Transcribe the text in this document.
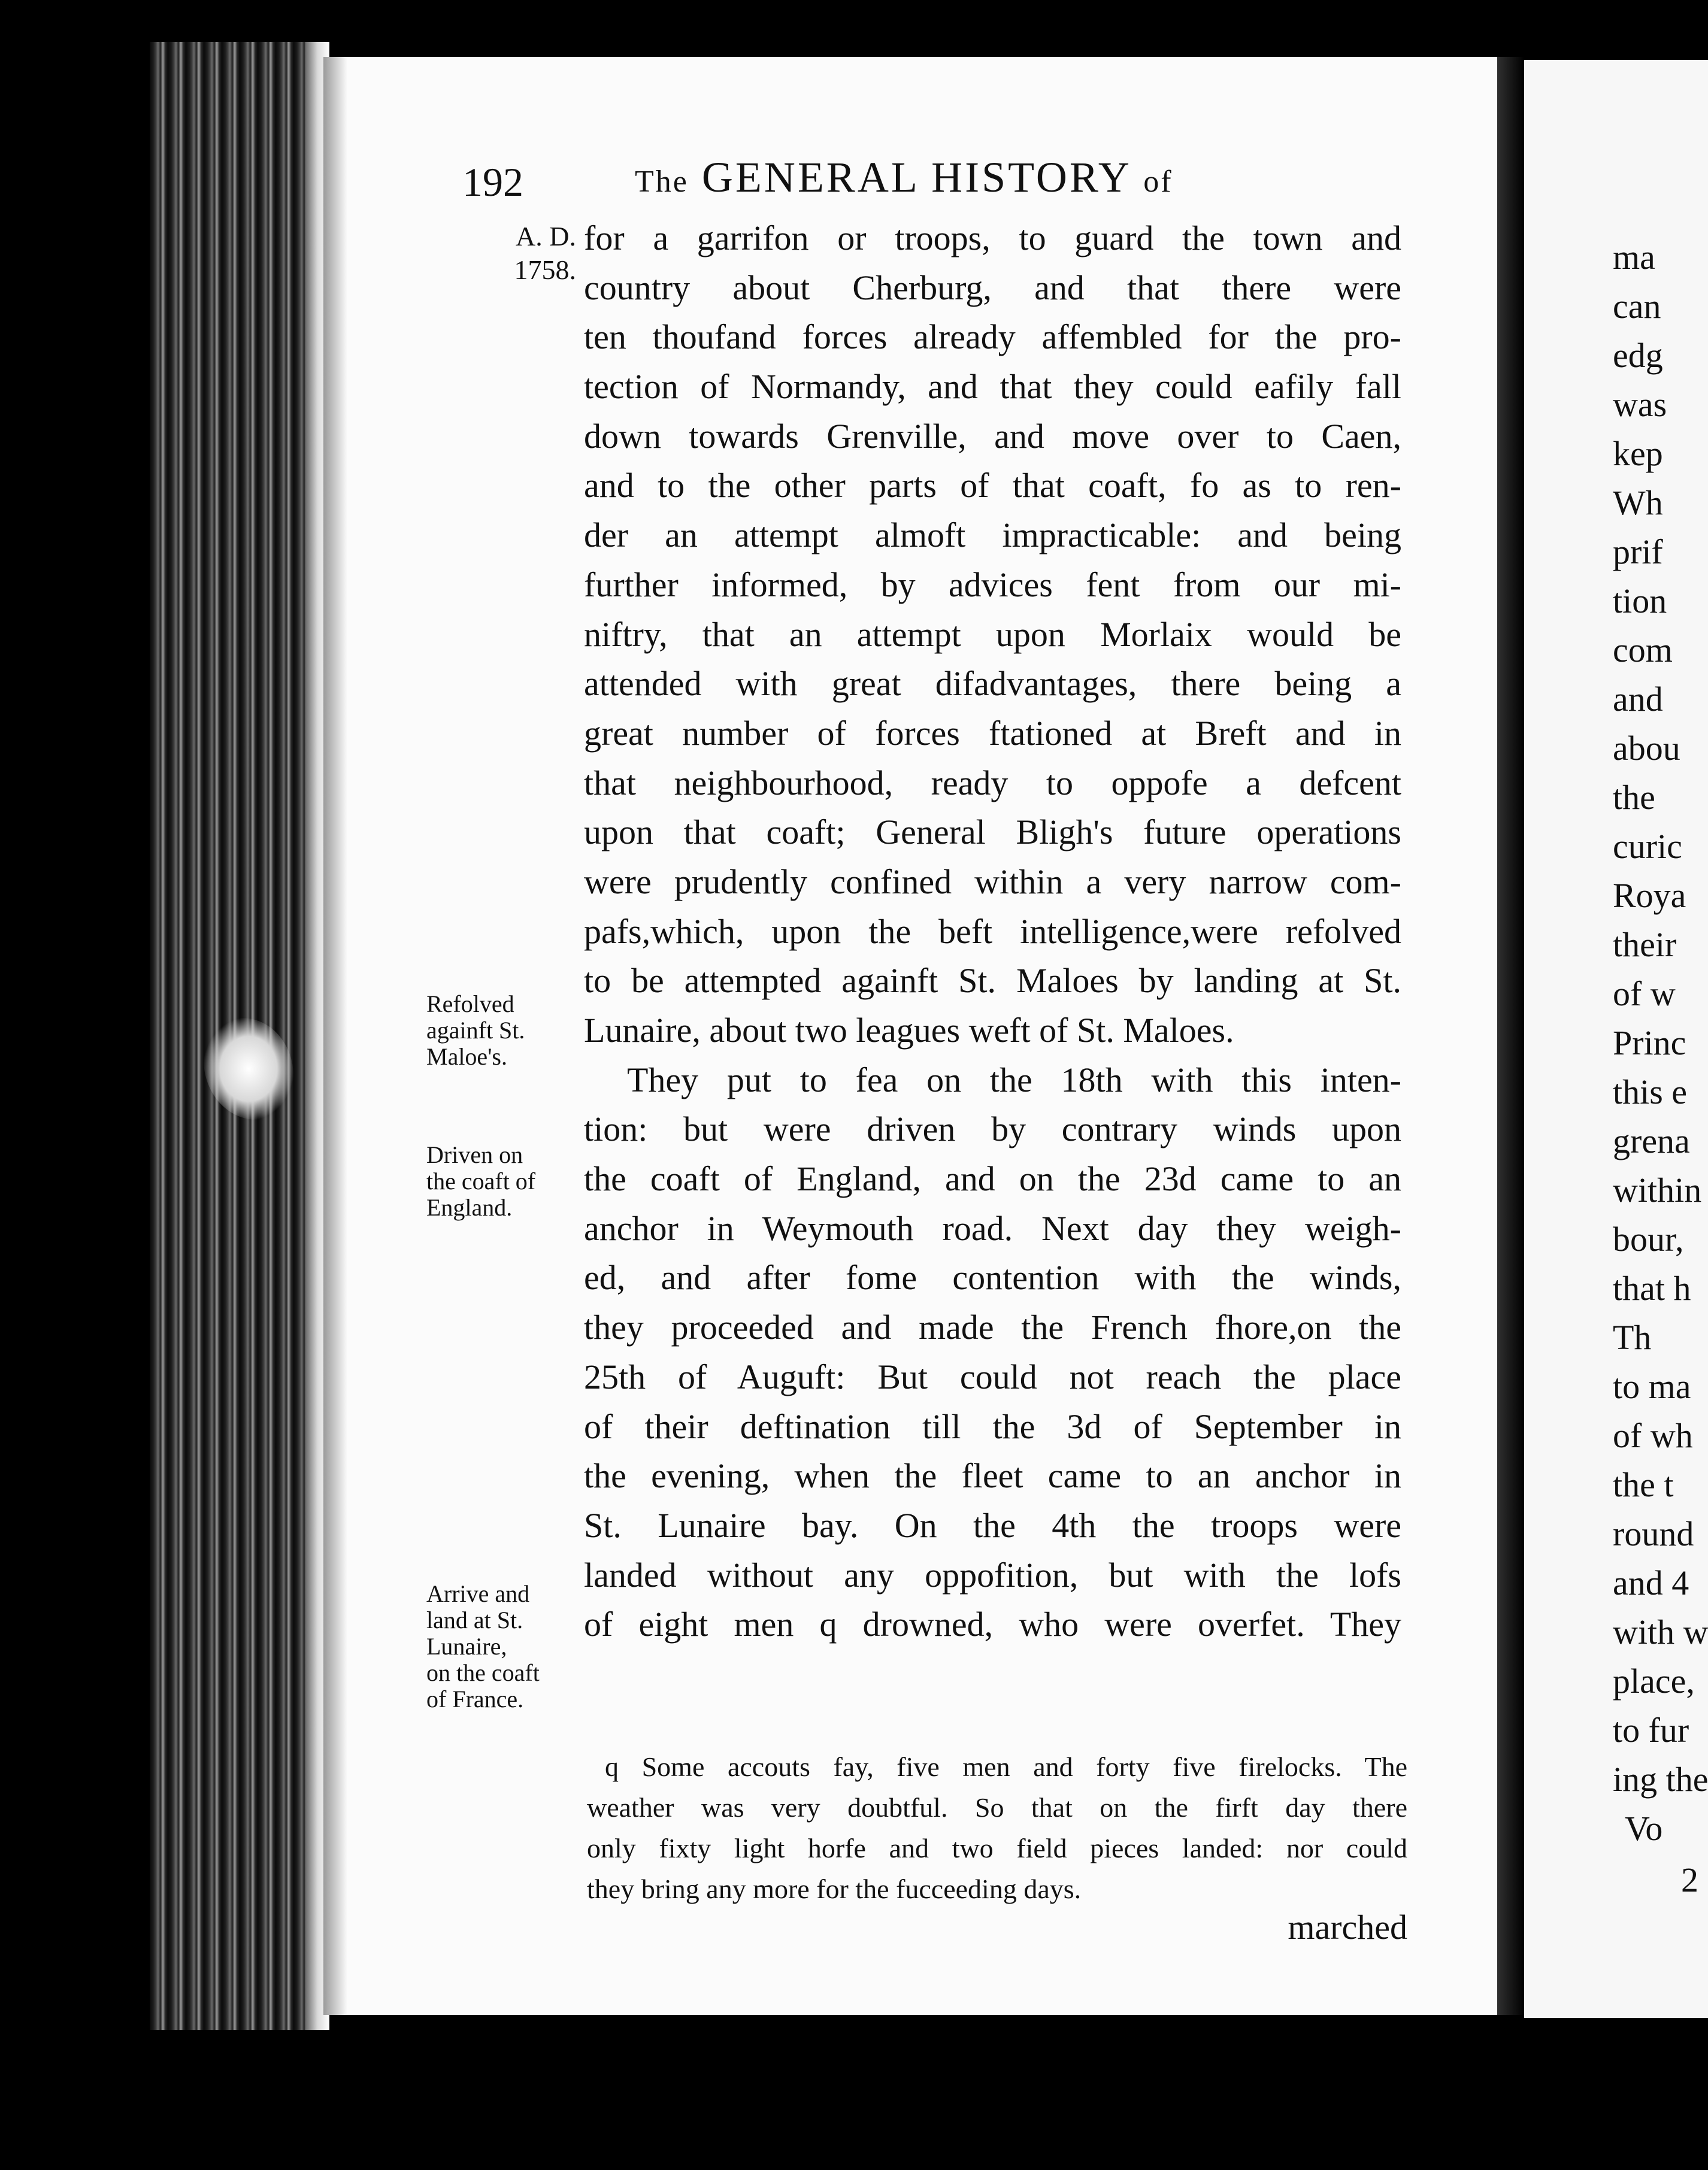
192	The GENERAL HISTORY of
A. D.
1758.
for a garrifon or troops, to guard the town and
country about Cherburg, and that there were
ten thoufand forces already affembled for the pro-
tection of Normandy, and that they could eafily fall
down towards Grenville, and move over to Caen,
and to the other parts of that coaft, fo as to ren-
der an attempt almoft impracticable: and being
further informed, by advices fent from our mi-
niftry, that an attempt upon Morlaix would be
attended with great difadvantages, there being a
great number of forces ftationed at Breft and in
that neighbourhood, ready to oppofe a defcent
upon that coaft; General Bligh's future operations
were prudently confined within a very narrow com-
pafs,which, upon the beft intelligence,were refolved
to be attempted againft St. Maloes by landing at St.
Lunaire, about two leagues weft of St. Maloes.
They put to fea on the 18th with this inten-
tion: but were driven by contrary winds upon
the coaft of England, and on the 23d came to an
anchor in Weymouth road. Next day they weigh-
ed, and after fome contention with the winds,
they proceeded and made the French fhore,on the
25th of Auguft: But could not reach the place
of their deftination till the 3d of September in
the evening, when the fleet came to an anchor in
St. Lunaire bay. On the 4th the troops were
landed without any oppofition, but with the lofs
of eight men q drowned, who were overfet. They
Refolved
againft St.
Maloe's.
Driven on
the coaft of
England.
Arrive and
land at St.
Lunaire,
on the coaft
of France.
q Some accouts fay, five men and forty five firelocks. The
weather was very doubtful. So that on the firft day there
only fixty light horfe and two field pieces landed: nor could
they bring any more for the fucceeding days.
marched
ma
can
edg
was
kep
Wh
prif
tion
com
and
abou
the
curic
Roya
their
of w
Princ
this e
grena
within
bour,
that h
Th
to ma
of wh
the t
round
and 4
with w
place,
to fur
ing the
Vo
2
